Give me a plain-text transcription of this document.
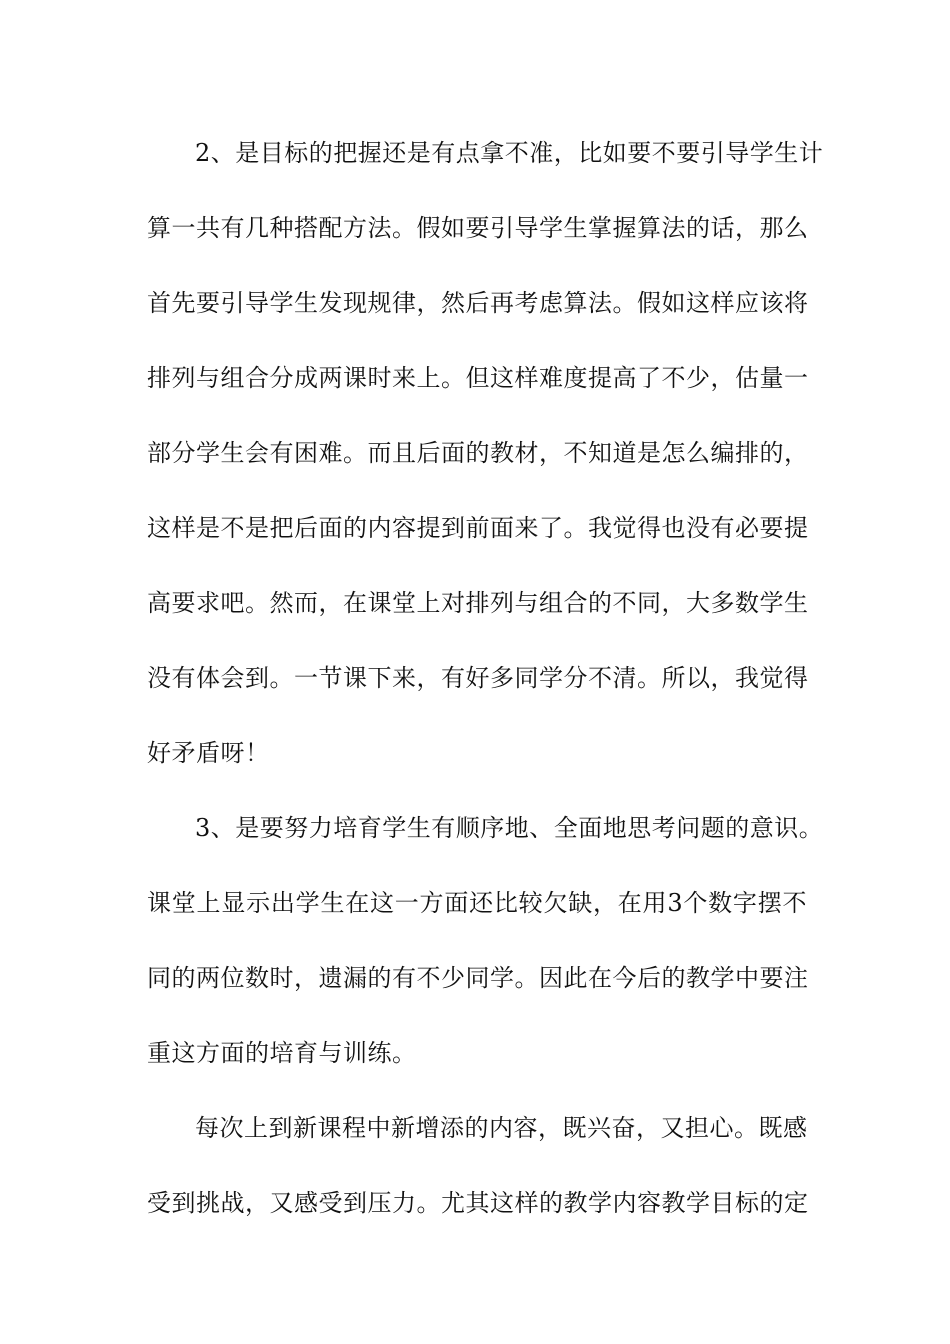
2、是目标的把握还是有点拿不准，比如要不要引导学生计
算一共有几种搭配方法。假如要引导学生掌握算法的话，那么
首先要引导学生发现规律，然后再考虑算法。假如这样应该将
排列与组合分成两课时来上。但这样难度提高了不少，估量一
部分学生会有困难。而且后面的教材，不知道是怎么编排的，
这样是不是把后面的内容提到前面来了。我觉得也没有必要提
高要求吧。然而，在课堂上对排列与组合的不同，大多数学生
没有体会到。一节课下来，有好多同学分不清。所以，我觉得
好矛盾呀！
3、是要努力培育学生有顺序地、全面地思考问题的意识。
课堂上显示出学生在这一方面还比较欠缺，在用3个数字摆不
同的两位数时，遗漏的有不少同学。因此在今后的教学中要注
重这方面的培育与训练。
每次上到新课程中新增添的内容，既兴奋，又担心。既感
受到挑战，又感受到压力。尤其这样的教学内容教学目标的定
